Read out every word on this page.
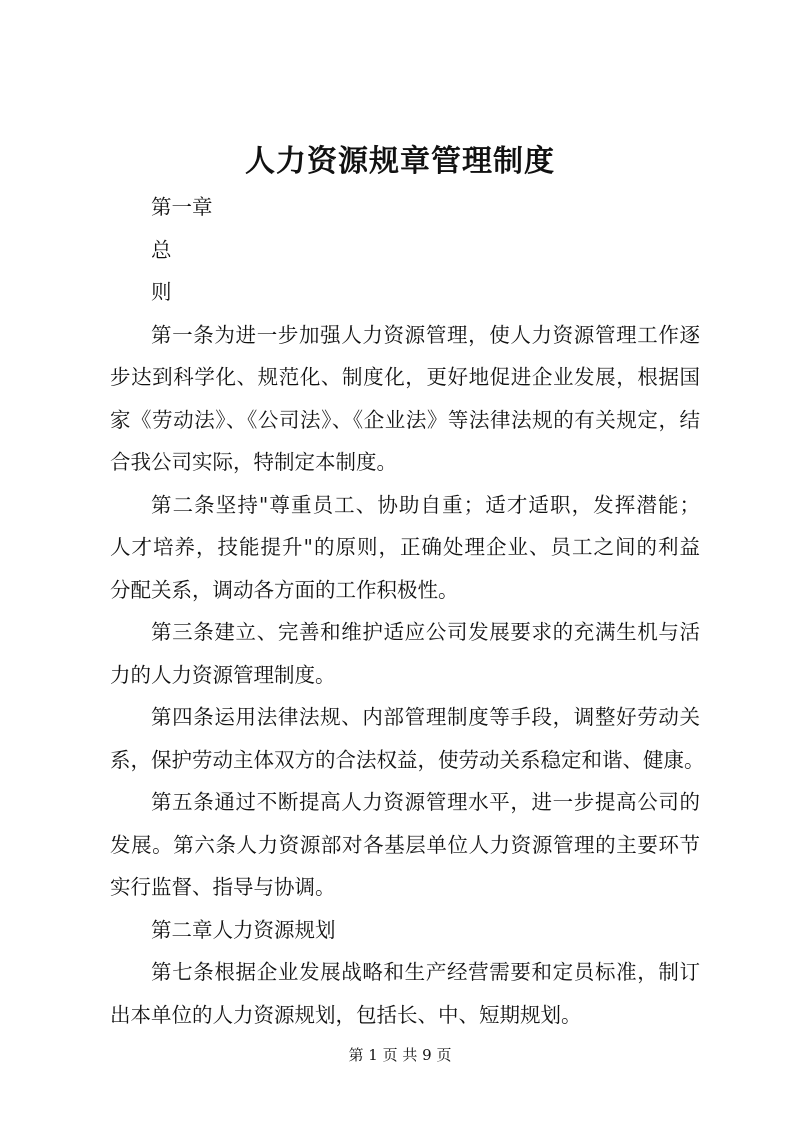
人力资源规章管理制度
第一章
总
则
第一条为进一步加强人力资源管理，使人力资源管理工作逐
步达到科学化、规范化、制度化，更好地促进企业发展，根据国
家《劳动法》、《公司法》、《企业法》等法律法规的有关规定，结
合我公司实际，特制定本制度。
第二条坚持"尊重员工、协助自重；适才适职，发挥潜能；
人才培养，技能提升"的原则，正确处理企业、员工之间的利益
分配关系，调动各方面的工作积极性。
第三条建立、完善和维护适应公司发展要求的充满生机与活
力的人力资源管理制度。
第四条运用法律法规、内部管理制度等手段，调整好劳动关
系，保护劳动主体双方的合法权益，使劳动关系稳定和谐、健康。
第五条通过不断提高人力资源管理水平，进一步提高公司的
发展。第六条人力资源部对各基层单位人力资源管理的主要环节
实行监督、指导与协调。
第二章人力资源规划
第七条根据企业发展战略和生产经营需要和定员标准，制订
出本单位的人力资源规划，包括长、中、短期规划。
第 1 页 共 9 页
